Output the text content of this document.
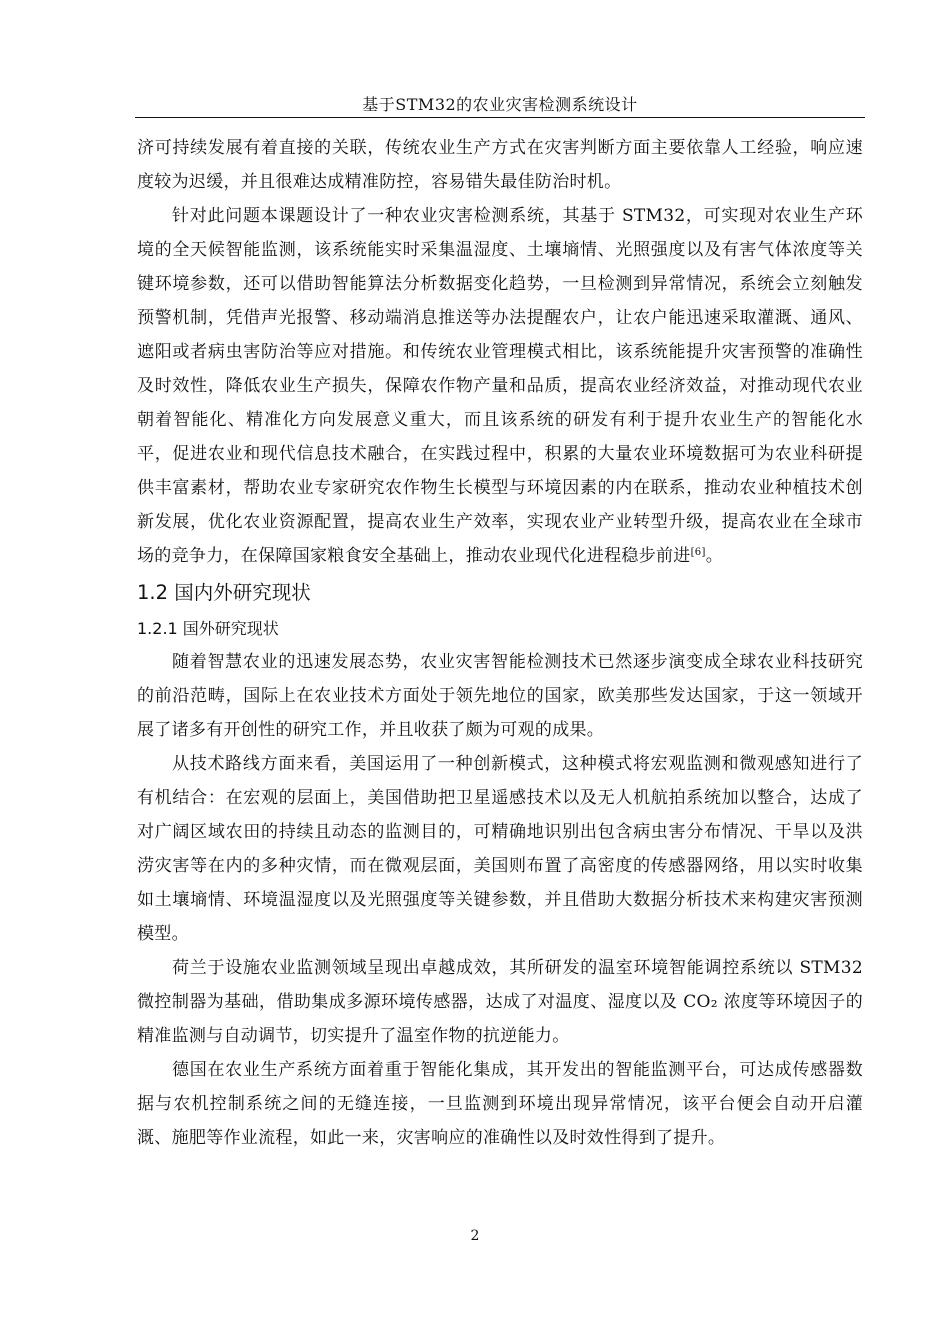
基于STM32的农业灾害检测系统设计

济可持续发展有着直接的关联，传统农业生产方式在灾害判断方面主要依靠人工经验，响应速度较为迟缓，并且很难达成精准防控，容易错失最佳防治时机。

针对此问题本课题设计了一种农业灾害检测系统，其基于 STM32，可实现对农业生产环境的全天候智能监测，该系统能实时采集温湿度、土壤墒情、光照强度以及有害气体浓度等关键环境参数，还可以借助智能算法分析数据变化趋势，一旦检测到异常情况，系统会立刻触发预警机制，凭借声光报警、移动端消息推送等办法提醒农户，让农户能迅速采取灌溉、通风、遮阳或者病虫害防治等应对措施。和传统农业管理模式相比，该系统能提升灾害预警的准确性及时效性，降低农业生产损失，保障农作物产量和品质，提高农业经济效益，对推动现代农业朝着智能化、精准化方向发展意义重大，而且该系统的研发有利于提升农业生产的智能化水平，促进农业和现代信息技术融合，在实践过程中，积累的大量农业环境数据可为农业科研提供丰富素材，帮助农业专家研究农作物生长模型与环境因素的内在联系，推动农业种植技术创新发展，优化农业资源配置，提高农业生产效率，实现农业产业转型升级，提高农业在全球市场的竞争力，在保障国家粮食安全基础上，推动农业现代化进程稳步前进[6]。

1.2 国内外研究现状
1.2.1 国外研究现状

随着智慧农业的迅速发展态势，农业灾害智能检测技术已然逐步演变成全球农业科技研究的前沿范畴，国际上在农业技术方面处于领先地位的国家，欧美那些发达国家，于这一领域开展了诸多有开创性的研究工作，并且收获了颇为可观的成果。

从技术路线方面来看，美国运用了一种创新模式，这种模式将宏观监测和微观感知进行了有机结合：在宏观的层面上，美国借助把卫星遥感技术以及无人机航拍系统加以整合，达成了对广阔区域农田的持续且动态的监测目的，可精确地识别出包含病虫害分布情况、干旱以及洪涝灾害等在内的多种灾情，而在微观层面，美国则布置了高密度的传感器网络，用以实时收集如土壤墒情、环境温湿度以及光照强度等关键参数，并且借助大数据分析技术来构建灾害预测模型。

荷兰于设施农业监测领域呈现出卓越成效，其所研发的温室环境智能调控系统以 STM32 微控制器为基础，借助集成多源环境传感器，达成了对温度、湿度以及 CO₂ 浓度等环境因子的精准监测与自动调节，切实提升了温室作物的抗逆能力。

德国在农业生产系统方面着重于智能化集成，其开发出的智能监测平台，可达成传感器数据与农机控制系统之间的无缝连接，一旦监测到环境出现异常情况，该平台便会自动开启灌溉、施肥等作业流程，如此一来，灾害响应的准确性以及时效性得到了提升。

2
